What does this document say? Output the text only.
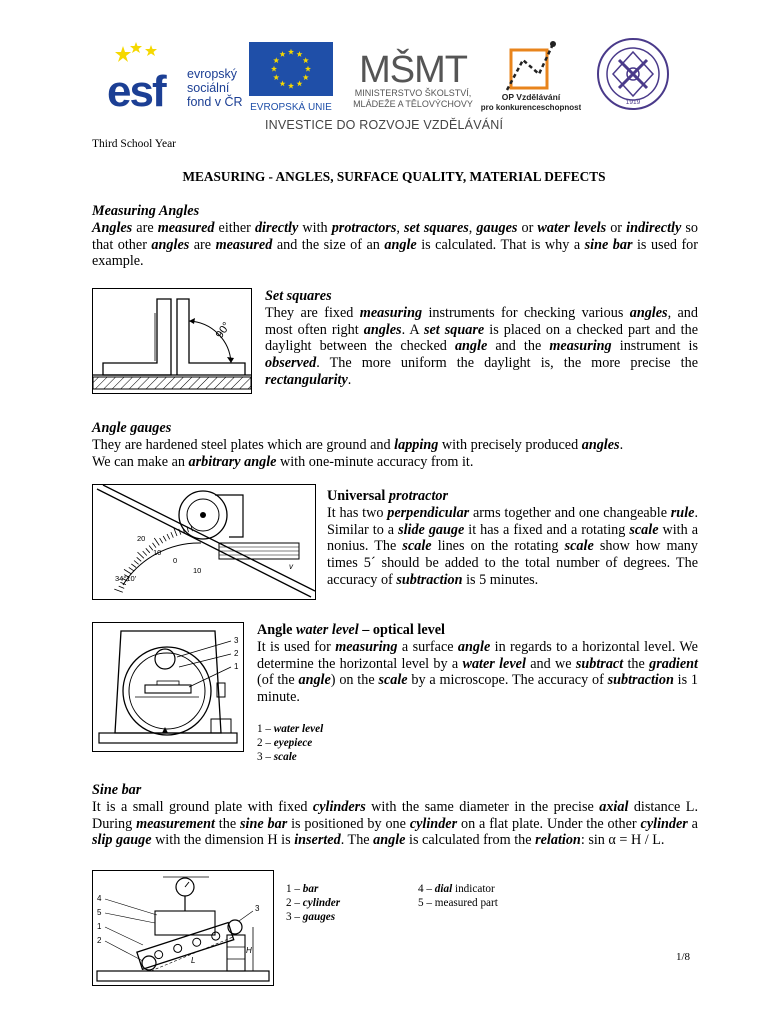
esf evropský
sociální
fond v ČR EVROPSKÁ UNIE
MŠMT
MINISTERSTVO ŠKOLSTVÍ,
MLÁDEŽE A TĚLOVÝCHOVY
OP Vzdělávání
pro konkurenceschopnost
1919
INVESTICE DO ROZVOJE VZDĚLÁVÁNÍ
Third School Year
MEASURING - ANGLES, SURFACE QUALITY, MATERIAL DEFECTS
Measuring Angles
Angles are measured either directly with protractors, set squares, gauges or water levels or indirectly so that other angles are measured and the size of an angle is calculated. That is why a sine bar is used for example.
90°
Set squares
They are fixed measuring instruments for checking various angles, and most often right angles. A set square is placed on a checked part and the daylight between the checked angle and the measuring instrument is observed. The more uniform the daylight is, the more precise the rectangularity.
Angle gauges
They are hardened steel plates which are ground and lapping with precisely produced angles.
We can make an arbitrary angle with one-minute accuracy from it.
20
10
0
10
34°10'
v
Universal protractor
It has two perpendicular arms together and one changeable rule. Similar to a slide gauge it has a fixed and a rotating scale with a nonius. The scale lines on the rotating scale show how many times 5´ should be added to the total number of degrees. The accuracy of subtraction is 5 minutes.
3
2
1
Angle water level – optical level
It is used for measuring a surface angle in regards to a horizontal level. We determine the horizontal level by a water level and we subtract the gradient (of the angle) on the scale by a microscope. The accuracy of subtraction is 1 minute.
1 – water level
2 – eyepiece
3 – scale
Sine bar
It is a small ground plate with fixed cylinders with the same diameter in the precise axial distance L. During measurement the sine bar is positioned by one cylinder on a flat plate. Under the other cylinder a slip gauge with the dimension H is inserted. The angle is calculated from the relation: sin α = H / L.
H
L
4
5
1
2
3
1 – bar
2 – cylinder
3 – gauges
4 – dial indicator
5 – measured part
1/8
